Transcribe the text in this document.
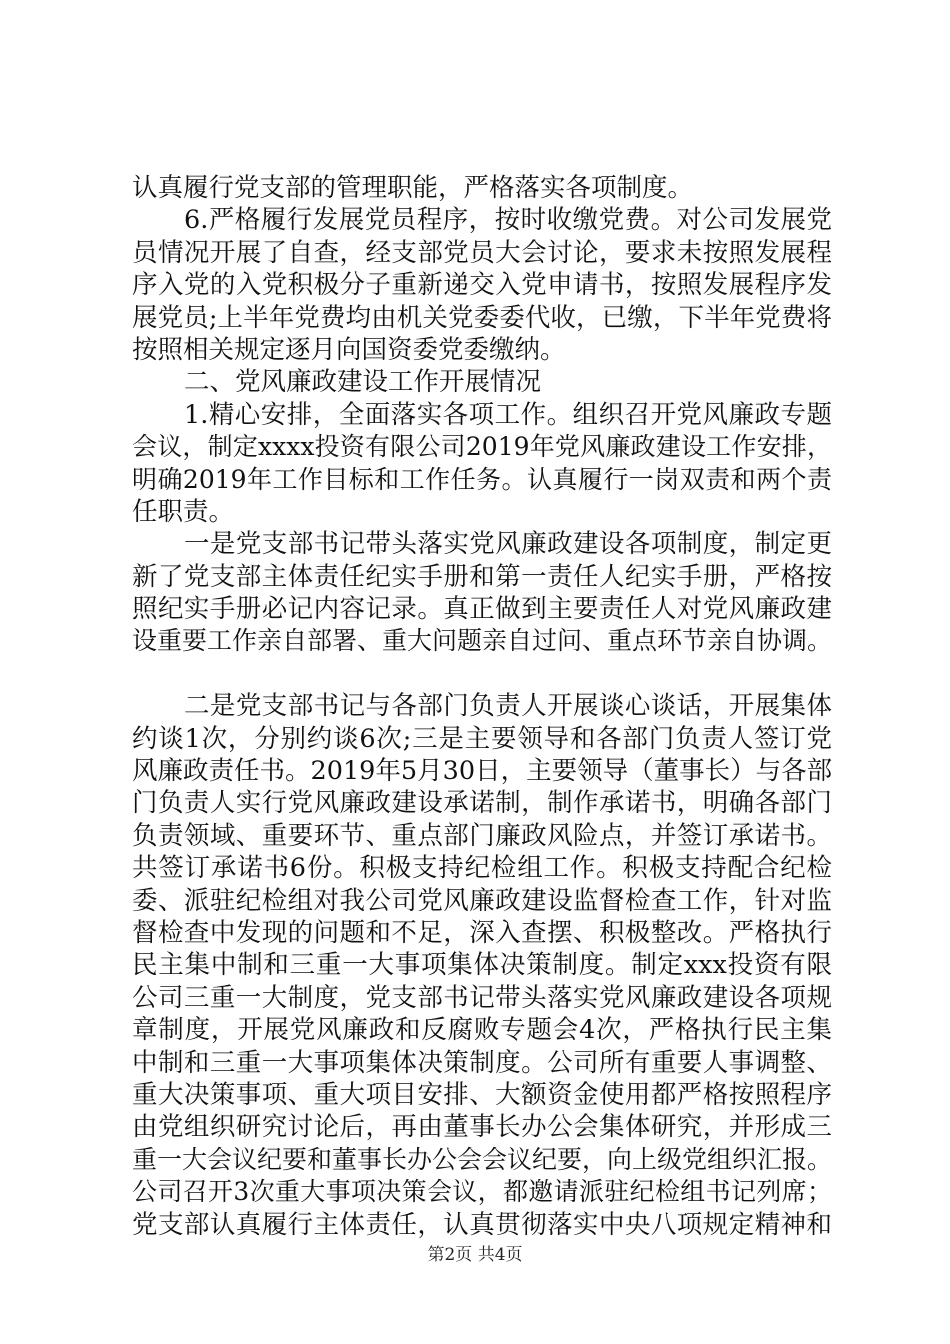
认真履行党支部的管理职能，严格落实各项制度。
6.严格履行发展党员程序，按时收缴党费。对公司发展党
员情况开展了自查，经支部党员大会讨论，要求未按照发展程
序入党的入党积极分子重新递交入党申请书，按照发展程序发
展党员;上半年党费均由机关党委委代收，已缴，下半年党费将
按照相关规定逐月向国资委党委缴纳。
二、党风廉政建设工作开展情况
1.精心安排，全面落实各项工作。组织召开党风廉政专题
会议，制定xxxx投资有限公司2019年党风廉政建设工作安排，
明确2019年工作目标和工作任务。认真履行一岗双责和两个责
任职责。
一是党支部书记带头落实党风廉政建设各项制度，制定更
新了党支部主体责任纪实手册和第一责任人纪实手册，严格按
照纪实手册必记内容记录。真正做到主要责任人对党风廉政建
设重要工作亲自部署、重大问题亲自过问、重点环节亲自协调。
二是党支部书记与各部门负责人开展谈心谈话，开展集体
约谈1次，分别约谈6次;三是主要领导和各部门负责人签订党
风廉政责任书。2019年5月30日，主要领导（董事长）与各部
门负责人实行党风廉政建设承诺制，制作承诺书，明确各部门
负责领域、重要环节、重点部门廉政风险点，并签订承诺书。
共签订承诺书6份。积极支持纪检组工作。积极支持配合纪检
委、派驻纪检组对我公司党风廉政建设监督检查工作，针对监
督检查中发现的问题和不足，深入查摆、积极整改。严格执行
民主集中制和三重一大事项集体决策制度。制定xxx投资有限
公司三重一大制度，党支部书记带头落实党风廉政建设各项规
章制度，开展党风廉政和反腐败专题会4次，严格执行民主集
中制和三重一大事项集体决策制度。公司所有重要人事调整、
重大决策事项、重大项目安排、大额资金使用都严格按照程序
由党组织研究讨论后，再由董事长办公会集体研究，并形成三
重一大会议纪要和董事长办公会会议纪要，向上级党组织汇报。
公司召开3次重大事项决策会议，都邀请派驻纪检组书记列席；
党支部认真履行主体责任，认真贯彻落实中央八项规定精神和
第2页 共4页
